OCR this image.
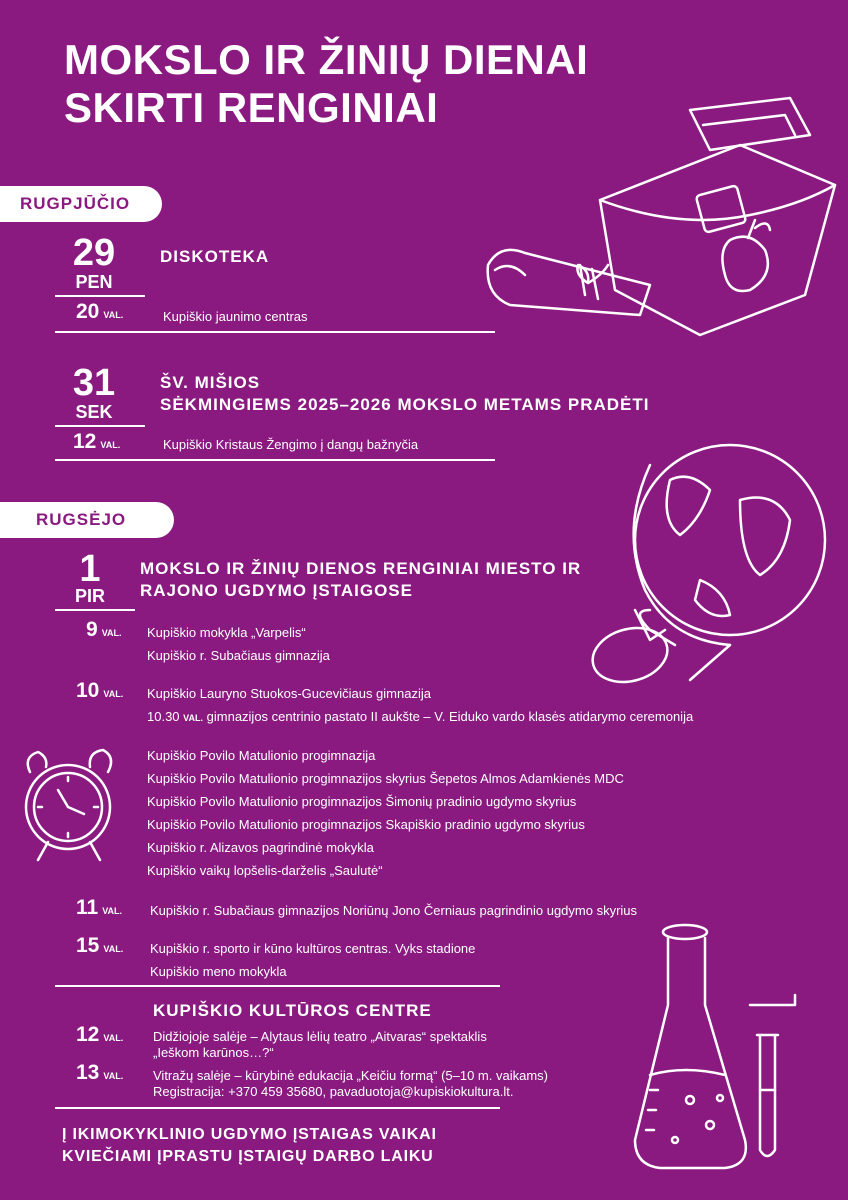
MOKSLO IR ŽINIŲ DIENAI
SKIRTI RENGINIAI
RUGPJŪČIO
29
PEN
DISKOTEKA
20 VAL.	Kupiškio jaunimo centras
31
SEK
ŠV. MIŠIOS
SĖKMINGIEMS 2025–2026 MOKSLO METAMS PRADĖTI
12 VAL.	Kupiškio Kristaus Žengimo į dangų bažnyčia
RUGSĖJO
1
PIR
MOKSLO IR ŽINIŲ DIENOS RENGINIAI MIESTO IR
RAJONO UGDYMO ĮSTAIGOSE
9 VAL. Kupiškio mokykla „Varpelis“
Kupiškio r. Subačiaus gimnazija
10 VAL. Kupiškio Lauryno Stuokos-Gucevičiaus gimnazija
10.30 VAL. gimnazijos centrinio pastato II aukšte – V. Eiduko vardo klasės atidarymo ceremonija
Kupiškio Povilo Matulionio progimnazija
Kupiškio Povilo Matulionio progimnazijos skyrius Šepetos Almos Adamkienės MDC
Kupiškio Povilo Matulionio progimnazijos Šimonių pradinio ugdymo skyrius
Kupiškio Povilo Matulionio progimnazijos Skapiškio pradinio ugdymo skyrius
Kupiškio r. Alizavos pagrindinė mokykla
Kupiškio vaikų lopšelis-darželis „Saulutė“
11 VAL. Kupiškio r. Subačiaus gimnazijos Noriūnų Jono Černiaus pagrindinio ugdymo skyrius
15 VAL. Kupiškio r. sporto ir kūno kultūros centras. Vyks stadione
Kupiškio meno mokykla
KUPIŠKIO KULTŪROS CENTRE
12 VAL. Didžiojoje salėje – Alytaus lėlių teatro „Aitvaras“ spektaklis
„Ieškom karūnos…?“
13 VAL. Vitražų salėje – kūrybinė edukacija „Keičiu formą“ (5–10 m. vaikams)
Registracija: +370 459 35680, pavaduotoja@kupiskiokultura.lt.
Į IKIMOKYKLINIO UGDYMO ĮSTAIGAS VAIKAI
KVIEČIAMI ĮPRASTU ĮSTAIGŲ DARBO LAIKU
